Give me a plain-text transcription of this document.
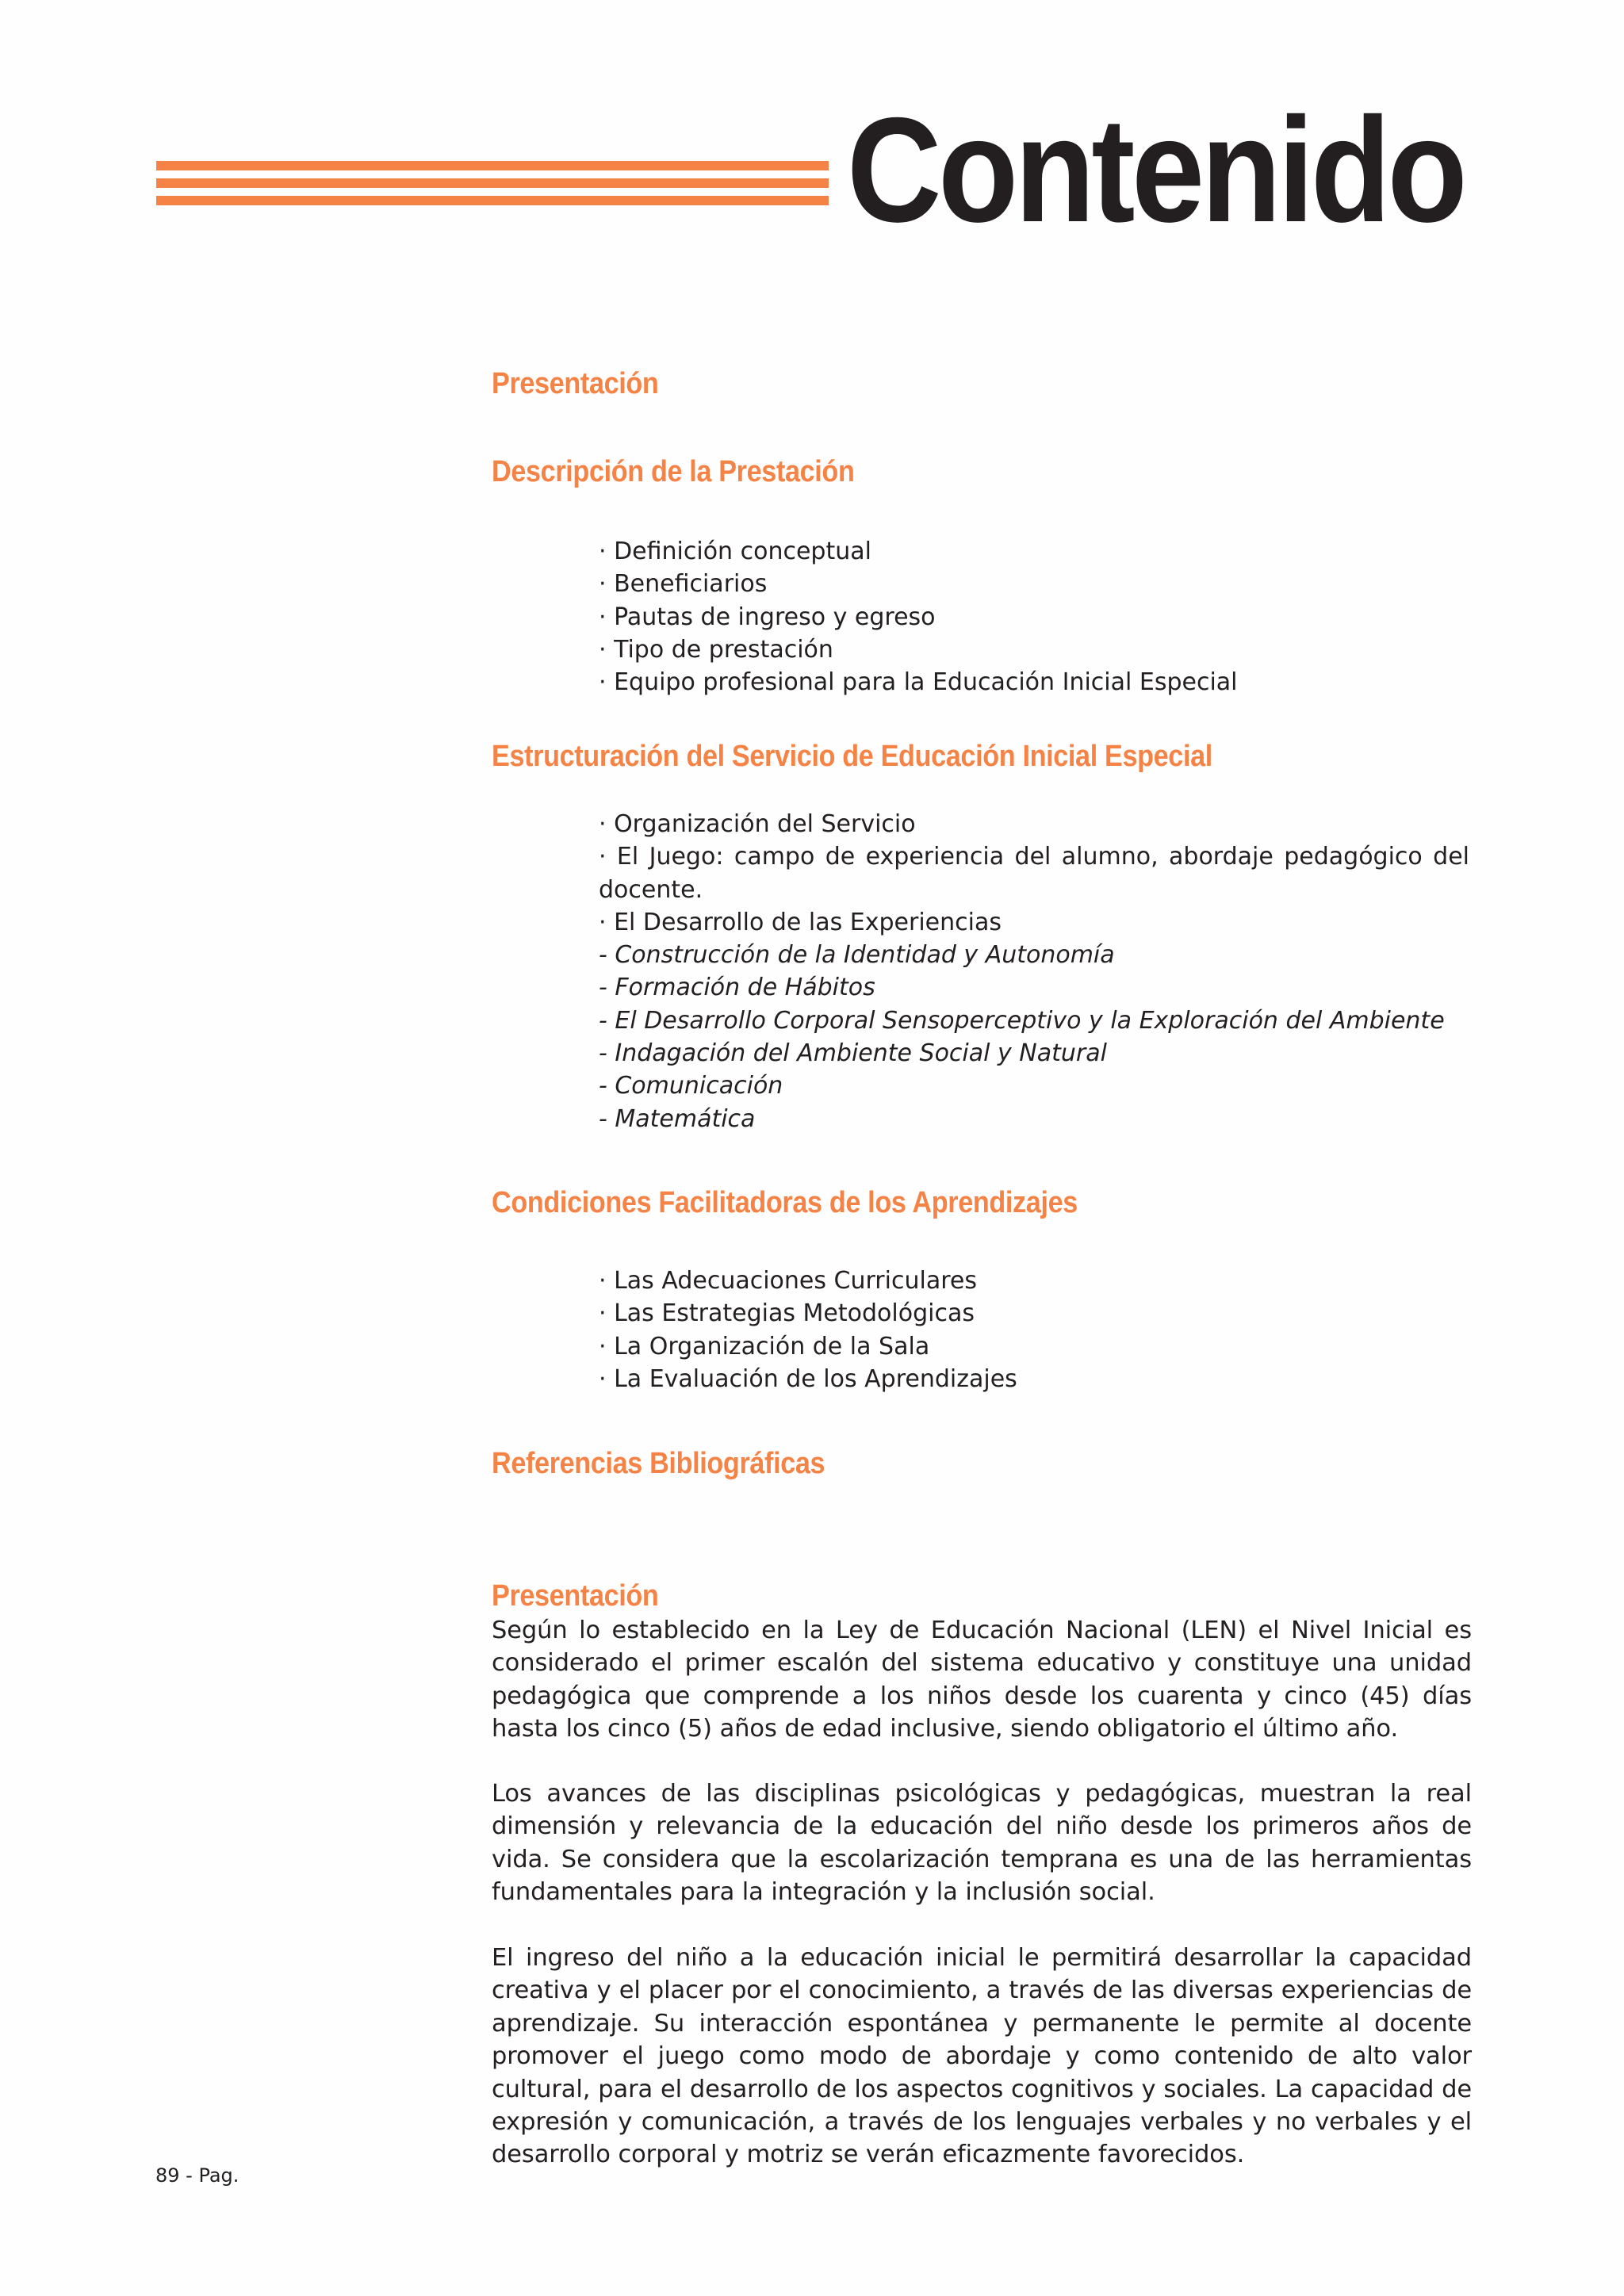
Contenido
Presentación
Descripción de la Prestación
· Definición conceptual
· Beneficiarios
· Pautas de ingreso y egreso
· Tipo de prestación
· Equipo profesional para la Educación Inicial Especial
Estructuración del Servicio de Educación Inicial Especial
· Organización del Servicio
· El Juego: campo de experiencia del alumno, abordaje pedagógico del docente.
· El Desarrollo de las Experiencias
- Construcción de la Identidad y Autonomía
- Formación de Hábitos
- El Desarrollo Corporal Sensoperceptivo y la Exploración del Ambiente
- Indagación del Ambiente Social y Natural
- Comunicación
- Matemática
Condiciones Facilitadoras de los Aprendizajes
· Las Adecuaciones Curriculares
· Las Estrategias Metodológicas
· La Organización de la Sala
· La Evaluación de los Aprendizajes
Referencias Bibliográficas
Presentación

Según lo establecido en la Ley de Educación Nacional (LEN) el Nivel Inicial es considerado el primer escalón del sistema educativo y constituye una unidad pedagógica que comprende a los niños desde los cuarenta y cinco (45) días hasta los cinco (5) años de edad inclusive, siendo obligatorio el último año.

Los avances de las disciplinas psicológicas y pedagógicas, muestran la real dimensión y relevancia de la educación del niño desde los primeros años de vida. Se considera que la escolarización temprana es una de las herramientas fundamentales para la integración y la inclusión social.

El ingreso del niño a la educación inicial le permitirá desarrollar la capacidad creativa y el placer por el conocimiento, a través de las diversas experiencias de aprendizaje. Su interacción espontánea y permanente le permite al docente promover el juego como modo de abordaje y como contenido de alto valor cultural, para el desarrollo de los aspectos cognitivos y sociales. La capacidad de expresión y comunicación, a través de los lenguajes verbales y no verbales y el desarrollo corporal y motriz se verán eficazmente favorecidos.

89 - Pag.
